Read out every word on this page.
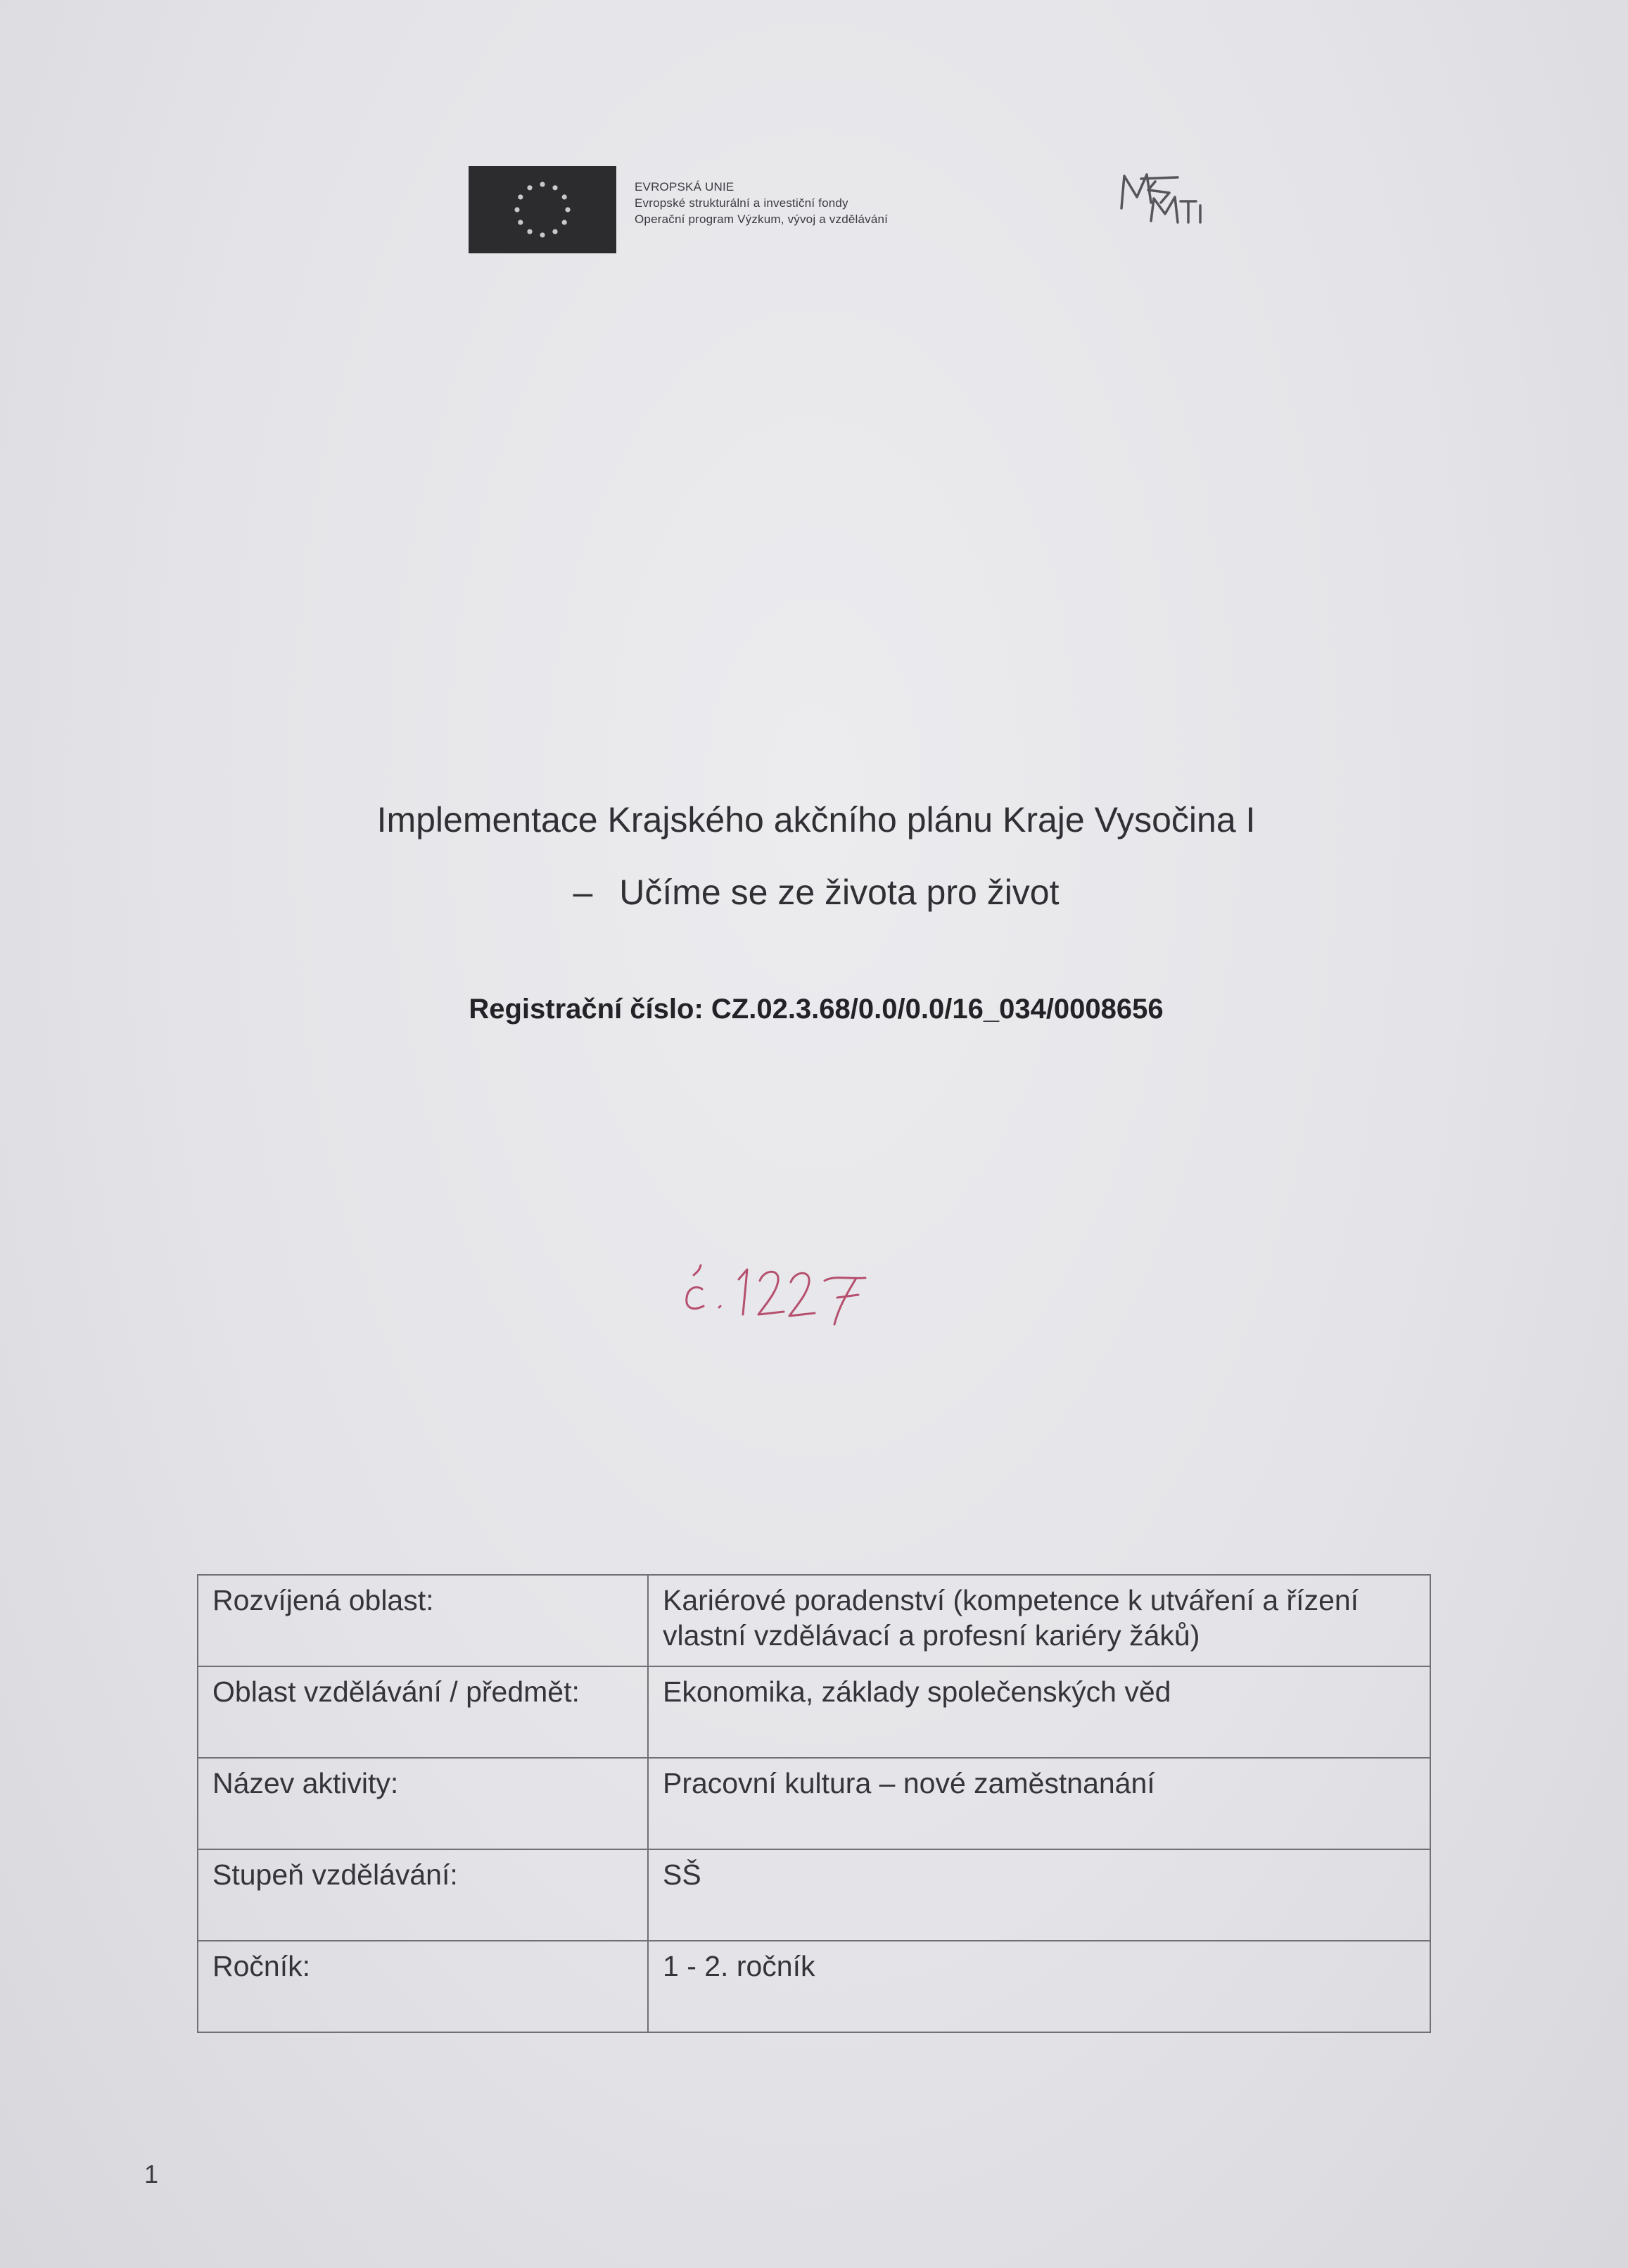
EVROPSKÁ UNIE
Evropské strukturální a investiční fondy
Operační program Výzkum, vývoj a vzdělávání
Implementace Krajského akčního plánu Kraje Vysočina I
– Učíme se ze života pro život
Registrační číslo: CZ.02.3.68/0.0/0.0/16_034/0008656
Rozvíjená oblast:	Kariérové poradenství (kompetence k utváření a řízení vlastní vzdělávací a profesní kariéry žáků)
Oblast vzdělávání / předmět:	Ekonomika, základy společenských věd
Název aktivity:	Pracovní kultura – nové zaměstnanání
Stupeň vzdělávání:	SŠ
Ročník:	1 - 2. ročník
1
